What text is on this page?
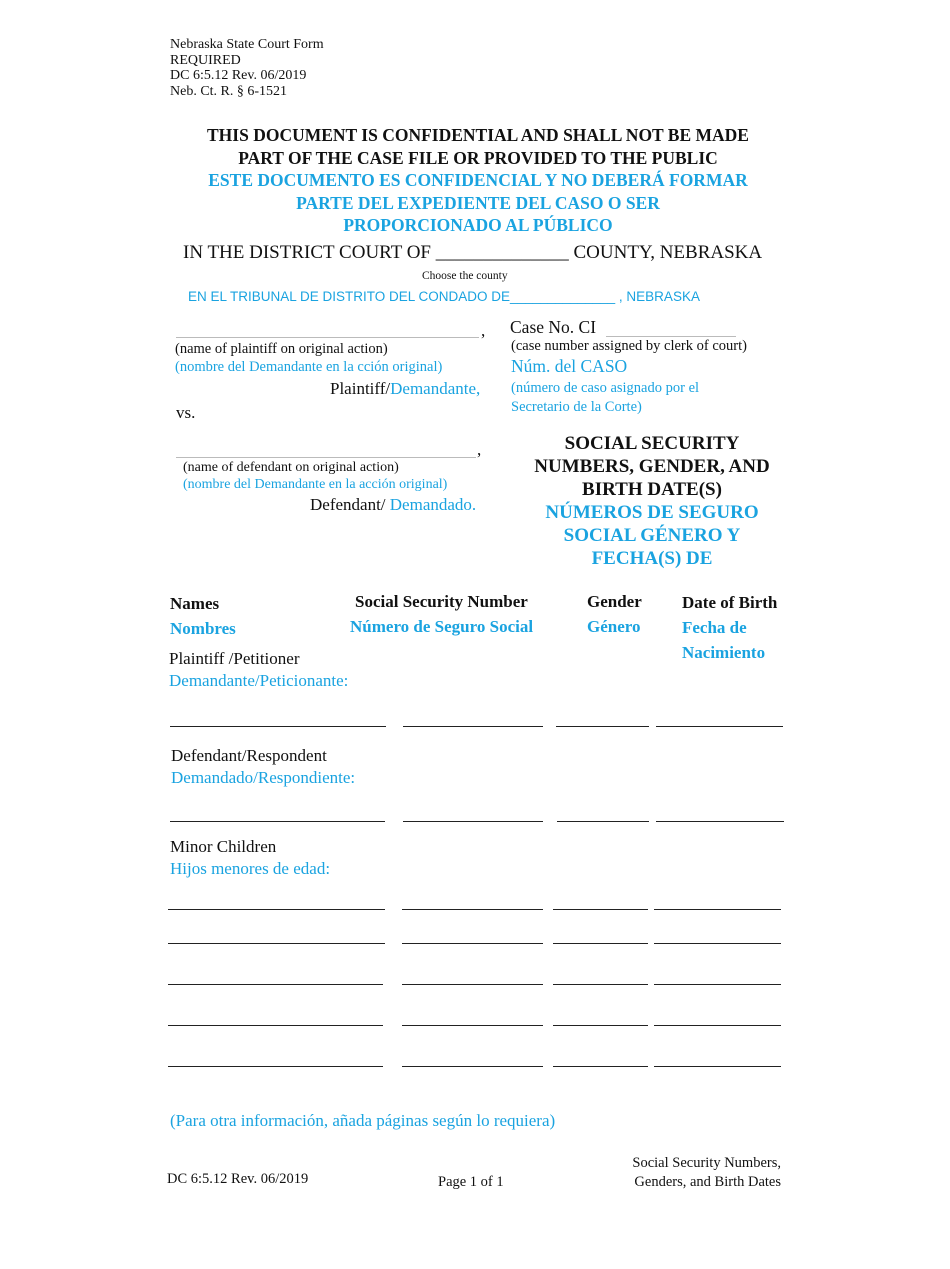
Nebraska State Court Form
REQUIRED
DC 6:5.12 Rev. 06/2019
Neb. Ct. R. § 6-1521
THIS DOCUMENT IS CONFIDENTIAL AND SHALL NOT BE MADE
PART OF THE CASE FILE OR PROVIDED TO THE PUBLIC
ESTE DOCUMENTO ES CONFIDENCIAL Y NO DEBERÁ FORMAR
PARTE DEL EXPEDIENTE DEL CASO O SER
PROPORCIONADO AL PÚBLICO
IN THE DISTRICT COURT OF ______________ COUNTY, NEBRASKA
Choose the county
EN EL TRIBUNAL DE DISTRITO DEL CONDADO DE______________ , NEBRASKA
,
(name of plaintiff on original action)
(nombre del Demandante en la cción original)
Plaintiff/Demandante,
vs.
,
(name of defendant on original action)
(nombre del Demandante en la acción original)
Defendant/ Demandado.
Case No. CI
(case number assigned by clerk of court)
Núm. del CASO
(número de caso asignado por el
Secretario de la Corte)
SOCIAL SECURITY
NUMBERS, GENDER, AND
BIRTH DATE(S)
NÚMEROS DE SEGURO
SOCIAL GÉNERO Y
FECHA(S) DE
Names
Nombres
Social Security Number
Número de Seguro Social
Gender
Género
Date of Birth
Fecha de
Nacimiento
Plaintiff /Petitioner
Demandante/Peticionante:
Defendant/Respondent
Demandado/Respondiente:
Minor Children
Hijos menores de edad:
(Para otra información, añada páginas según lo requiera)
DC 6:5.12 Rev. 06/2019	Page 1 of 1
Social Security Numbers,
Genders, and Birth Dates
